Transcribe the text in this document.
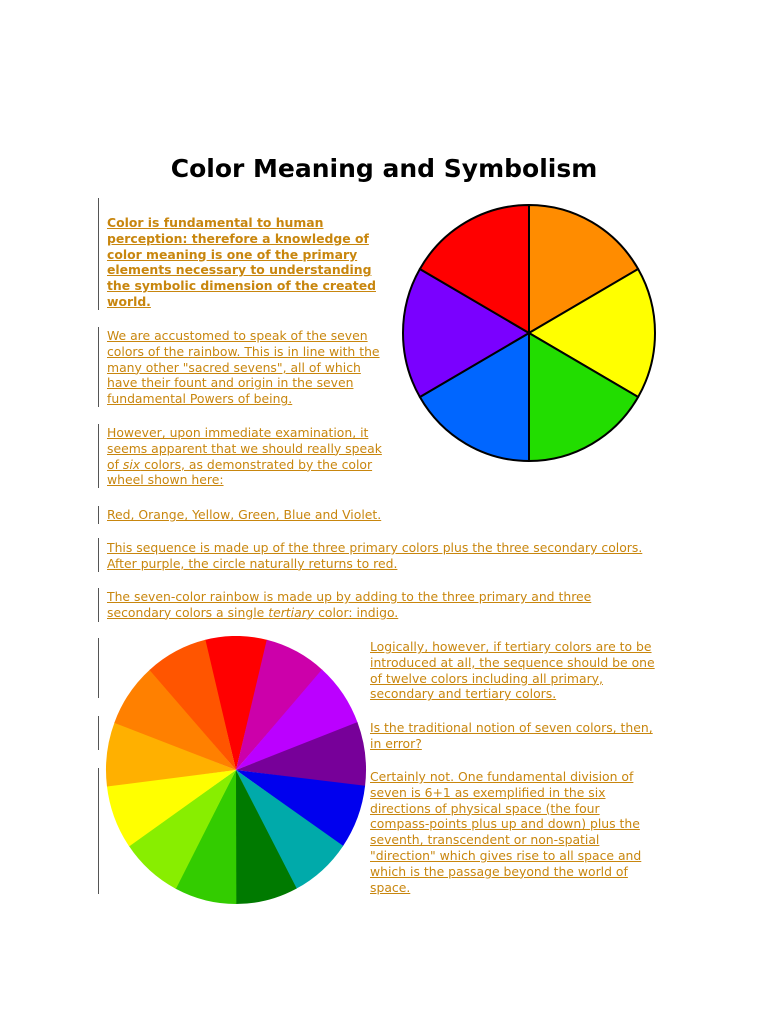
Color Meaning and Symbolism
Color is fundamental to human
perception: therefore a knowledge of
color meaning is one of the primary
elements necessary to understanding
the symbolic dimension of the created
world.
We are accustomed to speak of the seven
colors of the rainbow. This is in line with the
many other "sacred sevens", all of which
have their fount and origin in the seven
fundamental Powers of being.
However, upon immediate examination, it
seems apparent that we should really speak
of six colors, as demonstrated by the color
wheel shown here:
Red, Orange, Yellow, Green, Blue and Violet.
This sequence is made up of the three primary colors plus the three secondary colors.
After purple, the circle naturally returns to red.
The seven-color rainbow is made up by adding to the three primary and three
secondary colors a single tertiary color: indigo.
Logically, however, if tertiary colors are to be
introduced at all, the sequence should be one
of twelve colors including all primary,
secondary and tertiary colors.
Is the traditional notion of seven colors, then,
in error?
Certainly not. One fundamental division of
seven is 6+1 as exemplified in the six
directions of physical space (the four
compass-points plus up and down) plus the
seventh, transcendent or non-spatial
"direction" which gives rise to all space and
which is the passage beyond the world of
space.
